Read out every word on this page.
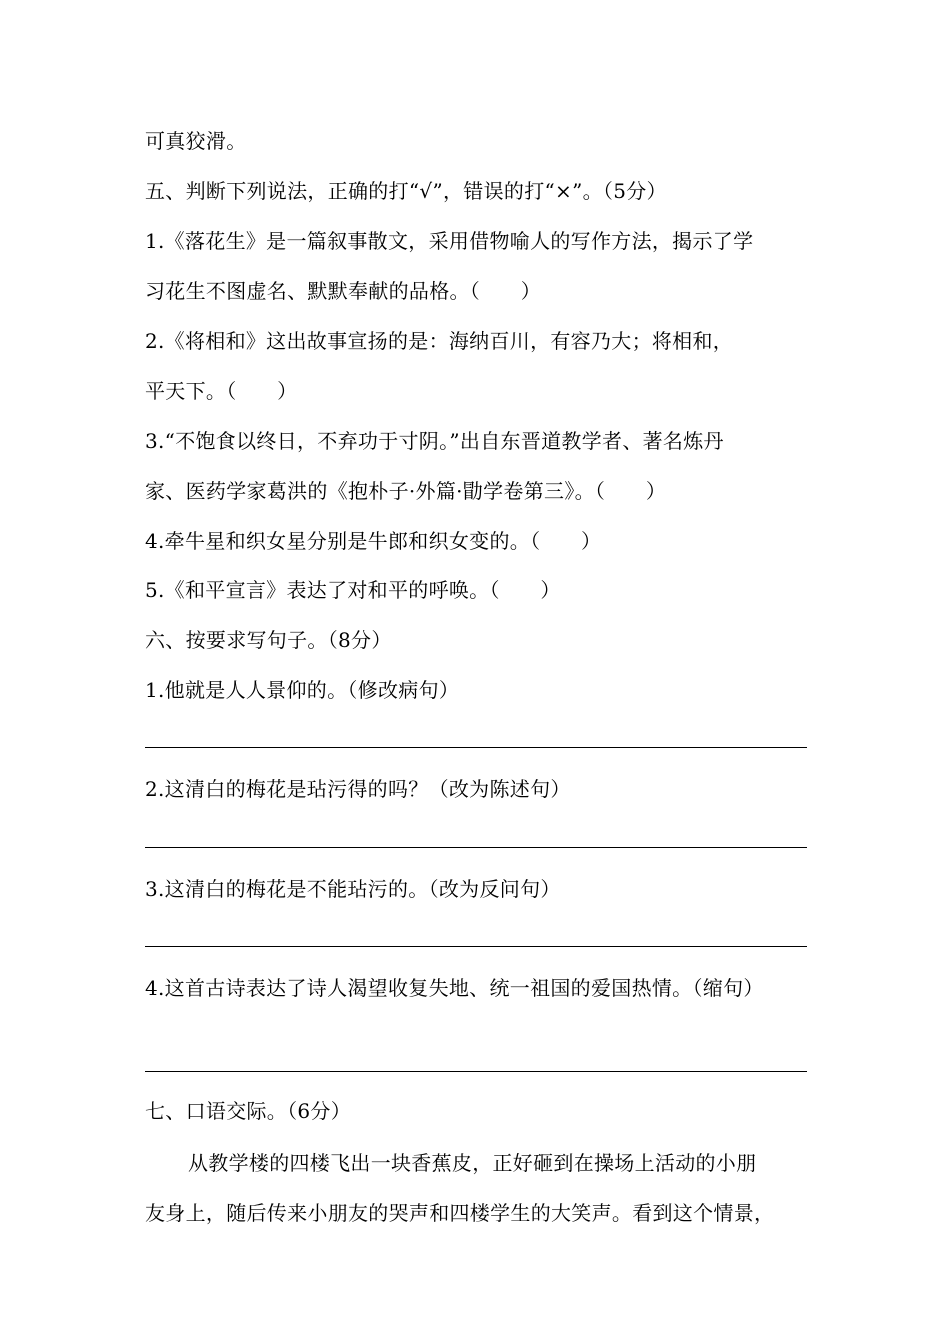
可真狡滑。
五、判断下列说法，正确的打“√”，错误的打“×”。（5分）
1.《落花生》是一篇叙事散文，采用借物喻人的写作方法，揭示了学
习花生不图虚名、默默奉献的品格。（　　）
2.《将相和》这出故事宣扬的是：海纳百川，有容乃大；将相和，
平天下。（　　）
3.“不饱食以终日，不弃功于寸阴。”出自东晋道教学者、著名炼丹
家、医药学家葛洪的《抱朴子·外篇·勖学卷第三》。（　　）
4.牵牛星和织女星分别是牛郎和织女变的。（　　）
5.《和平宣言》表达了对和平的呼唤。（　　）
六、按要求写句子。（8分）
1.他就是人人景仰的。（修改病句）
2.这清白的梅花是玷污得的吗？（改为陈述句）
3.这清白的梅花是不能玷污的。（改为反问句）
4.这首古诗表达了诗人渴望收复失地、统一祖国的爱国热情。（缩句）
七、口语交际。（6分）
从教学楼的四楼飞出一块香蕉皮，正好砸到在操场上活动的小朋
友身上，随后传来小朋友的哭声和四楼学生的大笑声。看到这个情景，
